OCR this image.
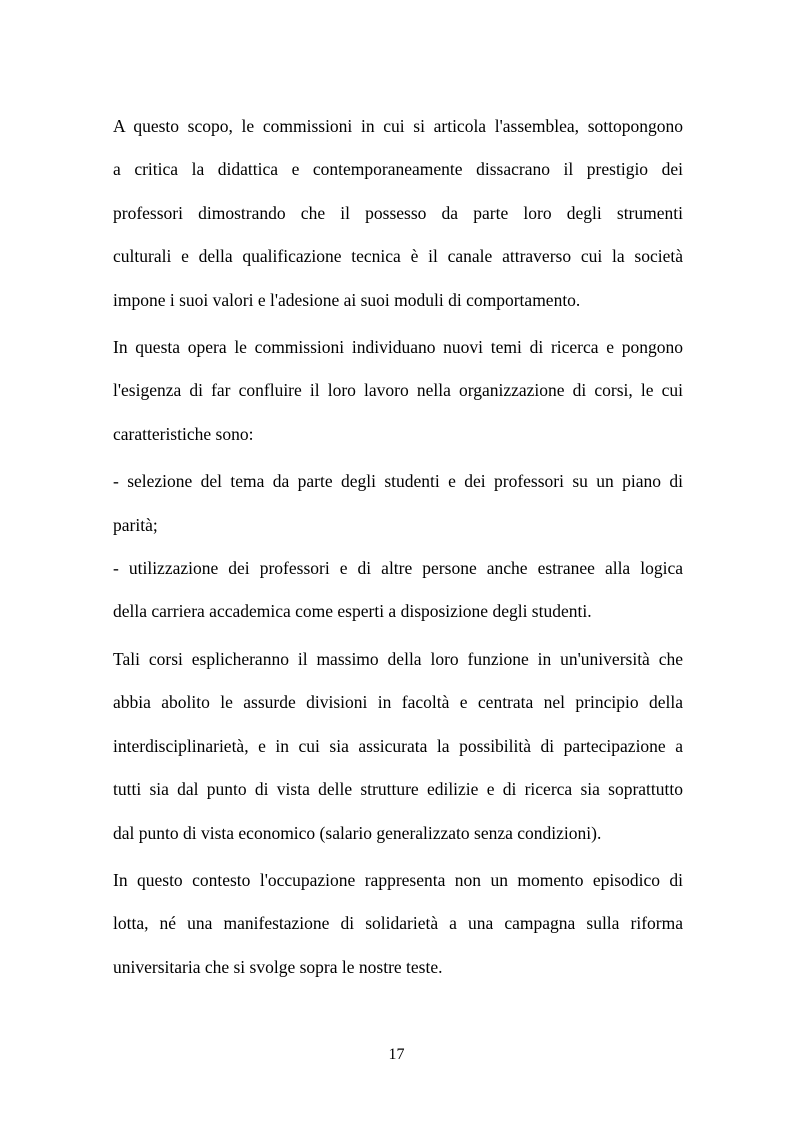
A questo scopo, le commissioni in cui si articola l'assemblea, sottopongono
a critica la didattica e contemporaneamente dissacrano il prestigio dei
professori dimostrando che il possesso da parte loro degli strumenti
culturali e della qualificazione tecnica è il canale attraverso cui la società
impone i suoi valori e l'adesione ai suoi moduli di comportamento.
In questa opera le commissioni individuano nuovi temi di ricerca e pongono
l'esigenza di far confluire il loro lavoro nella organizzazione di corsi, le cui
caratteristiche sono:
- selezione del tema da parte degli studenti e dei professori su un piano di
parità;
- utilizzazione dei professori e di altre persone anche estranee alla logica
della carriera accademica come esperti a disposizione degli studenti.
Tali corsi esplicheranno il massimo della loro funzione in un'università che
abbia abolito le assurde divisioni in facoltà e centrata nel principio della
interdisciplinarietà, e in cui sia assicurata la possibilità di partecipazione a
tutti sia dal punto di vista delle strutture edilizie e di ricerca sia soprattutto
dal punto di vista economico (salario generalizzato senza condizioni).
In questo contesto l'occupazione rappresenta non un momento episodico di
lotta, né una manifestazione di solidarietà a una campagna sulla riforma
universitaria che si svolge sopra le nostre teste.
17
